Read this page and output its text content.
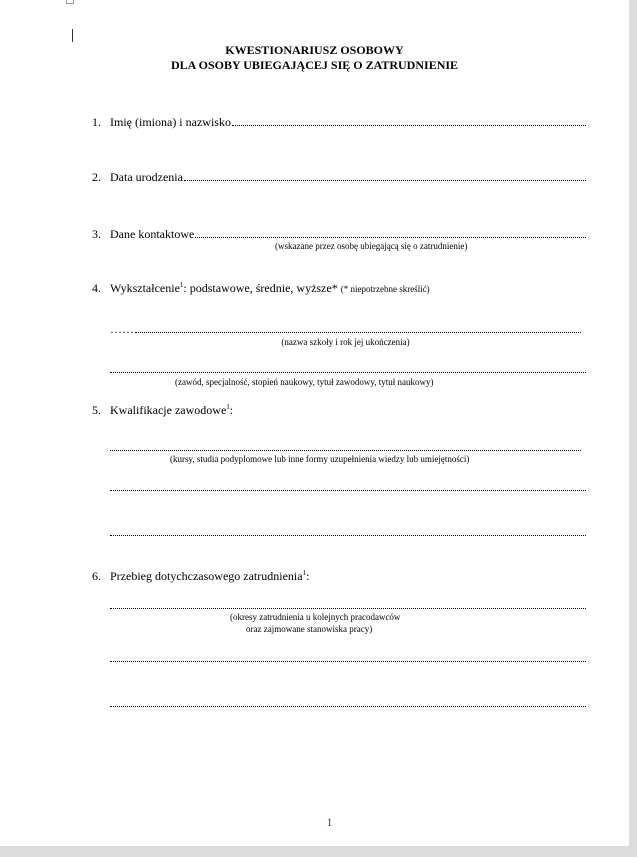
KWESTIONARIUSZ OSOBOWY
DLA OSOBY UBIEGAJĄCEJ SIĘ O ZATRUDNIENIE
1. Imię (imiona) i nazwisko
2. Data urodzenia
3. Dane kontaktowe
(wskazane przez osobę ubiegającą się o zatrudnienie)
4. Wykształcenie$^1$: podstawowe, średnie, wyższe* (* niepotrzebne skreślić)
……
(nazwa szkoły i rok jej ukończenia)
(zawód, specjalność, stopień naukowy, tytuł zawodowy, tytuł naukowy)
5. Kwalifikacje zawodowe$^1$:
(kursy, studia podyplomowe lub inne formy uzupełnienia wiedzy lub umiejętności)
6. Przebieg dotychczasowego zatrudnienia$^1$:
(okresy zatrudnienia u kolejnych pracodawców
oraz zajmowane stanowiska pracy)
1
